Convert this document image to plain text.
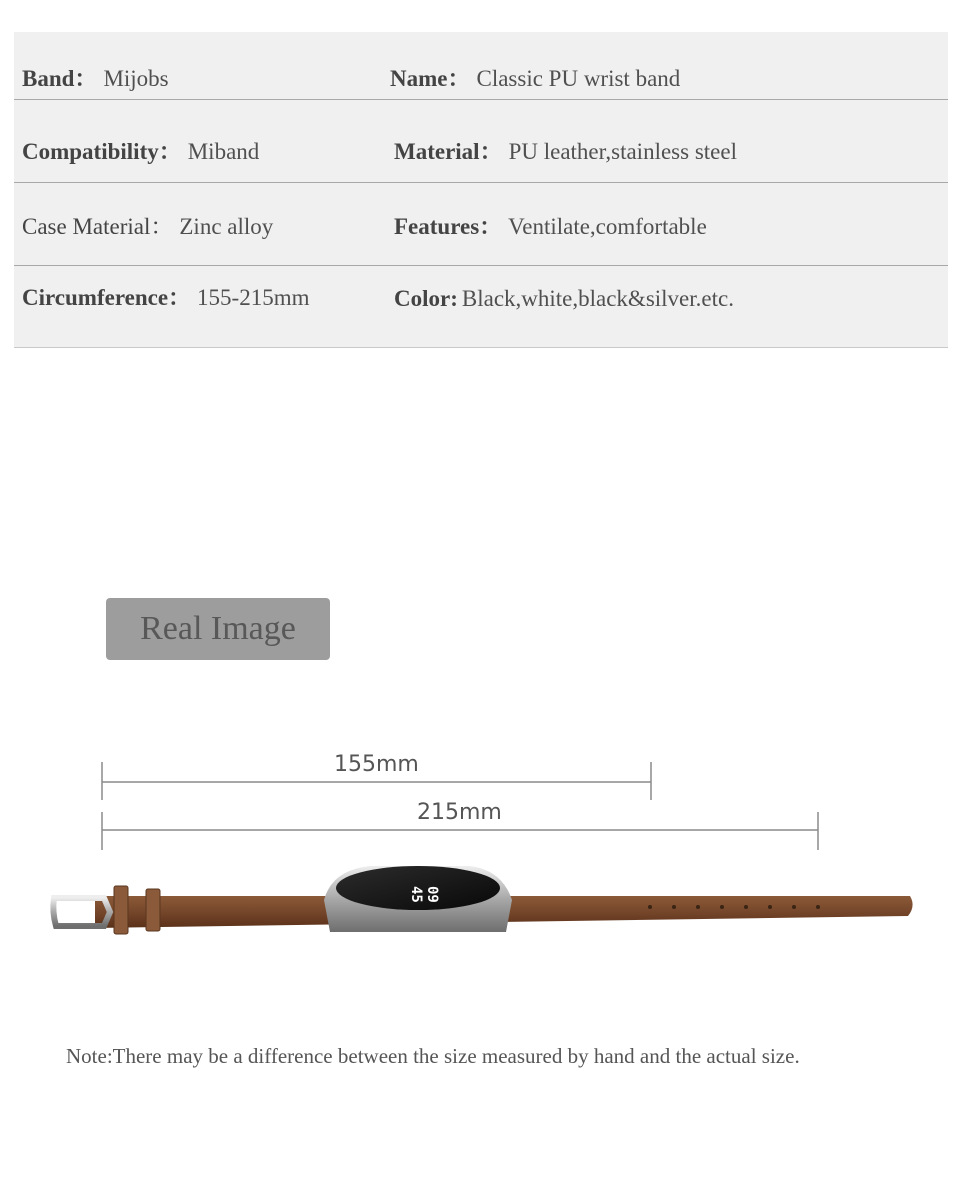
Band： Mijobs	Name： Classic PU wrist band
Compatibility： Miband	Material： PU leather,stainless steel
Case Material： Zinc alloy	Features： Ventilate,comfortable
Circumference： 155-215mm	Color: Black,white,black&silver.etc.
Real Image
155mm
215mm
09
45
Note:There may be a difference between the size measured by hand and the actual size.
